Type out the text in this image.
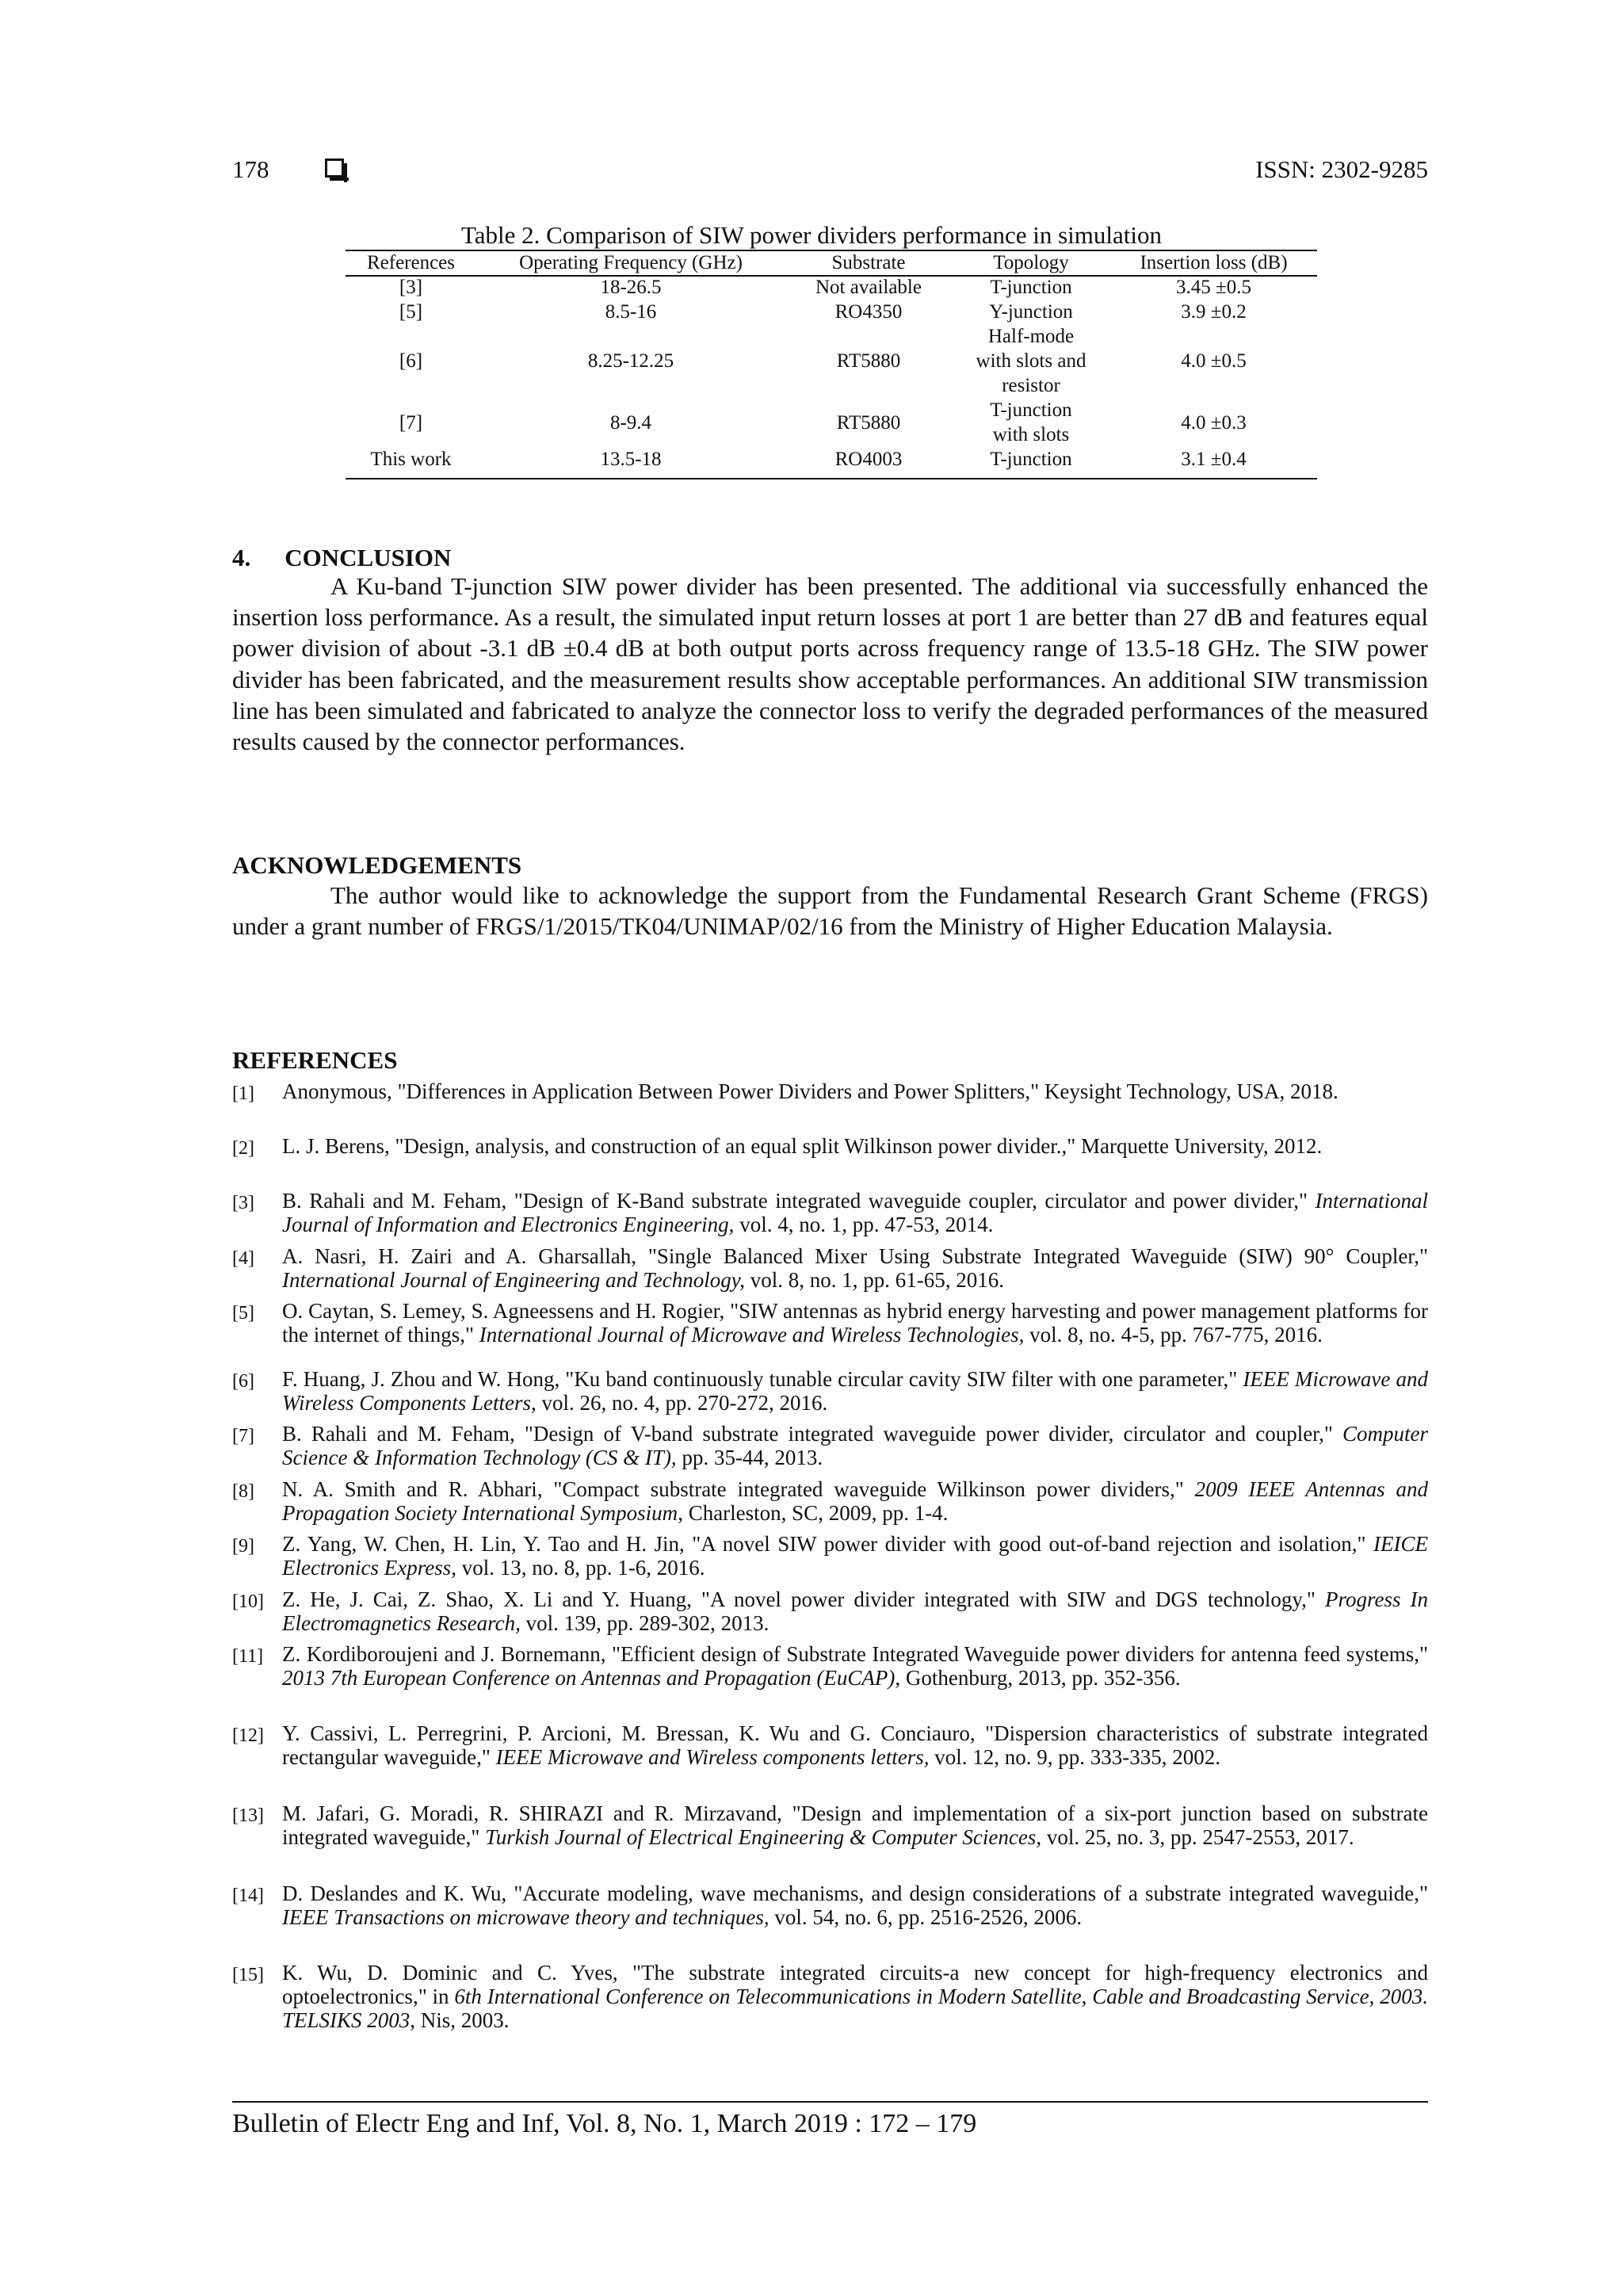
178	ISSN: 2302-9285
Table 2. Comparison of SIW power dividers performance in simulation
References	Operating Frequency (GHz)	Substrate	Topology	Insertion loss (dB)
[3]	18-26.5	Not available	T-junction	3.45 ±0.5
[5]	8.5-16	RO4350	Y-junction	3.9 ±0.2
[6]	8.25-12.25	RT5880	Half-mode
with slots and
resistor	4.0 ±0.5
[7]	8-9.4	RT5880	T-junction
with slots	4.0 ±0.3
This work	13.5-18	RO4003	T-junction	3.1 ±0.4
4. CONCLUSION
A Ku-band T-junction SIW power divider has been presented. The additional via successfully enhanced the insertion loss performance. As a result, the simulated input return losses at port 1 are better than 27 dB and features equal power division of about -3.1 dB ±0.4 dB at both output ports across frequency range of 13.5-18 GHz. The SIW power divider has been fabricated, and the measurement results show acceptable performances. An additional SIW transmission line has been simulated and fabricated to analyze the connector loss to verify the degraded performances of the measured results caused by the connector performances.
ACKNOWLEDGEMENTS
The author would like to acknowledge the support from the Fundamental Research Grant Scheme (FRGS) under a grant number of FRGS/1/2015/TK04/UNIMAP/02/16 from the Ministry of Higher Education Malaysia.
REFERENCES
[1] Anonymous, "Differences in Application Between Power Dividers and Power Splitters," Keysight Technology, USA, 2018.
[2] L. J. Berens, "Design, analysis, and construction of an equal split Wilkinson power divider.," Marquette University, 2012.
[3] B. Rahali and M. Feham, "Design of K-Band substrate integrated waveguide coupler, circulator and power divider," International Journal of Information and Electronics Engineering, vol. 4, no. 1, pp. 47-53, 2014.
[4] A. Nasri, H. Zairi and A. Gharsallah, "Single Balanced Mixer Using Substrate Integrated Waveguide (SIW) 90° Coupler," International Journal of Engineering and Technology, vol. 8, no. 1, pp. 61-65, 2016.
[5] O. Caytan, S. Lemey, S. Agneessens and H. Rogier, "SIW antennas as hybrid energy harvesting and power management platforms for the internet of things," International Journal of Microwave and Wireless Technologies, vol. 8, no. 4-5, pp. 767-775, 2016.
[6] F. Huang, J. Zhou and W. Hong, "Ku band continuously tunable circular cavity SIW filter with one parameter," IEEE Microwave and Wireless Components Letters, vol. 26, no. 4, pp. 270-272, 2016.
[7] B. Rahali and M. Feham, "Design of V-band substrate integrated waveguide power divider, circulator and coupler," Computer Science & Information Technology (CS & IT), pp. 35-44, 2013.
[8] N. A. Smith and R. Abhari, "Compact substrate integrated waveguide Wilkinson power dividers," 2009 IEEE Antennas and Propagation Society International Symposium, Charleston, SC, 2009, pp. 1-4.
[9] Z. Yang, W. Chen, H. Lin, Y. Tao and H. Jin, "A novel SIW power divider with good out-of-band rejection and isolation," IEICE Electronics Express, vol. 13, no. 8, pp. 1-6, 2016.
[10] Z. He, J. Cai, Z. Shao, X. Li and Y. Huang, "A novel power divider integrated with SIW and DGS technology," Progress In Electromagnetics Research, vol. 139, pp. 289-302, 2013.
[11] Z. Kordiboroujeni and J. Bornemann, "Efficient design of Substrate Integrated Waveguide power dividers for antenna feed systems," 2013 7th European Conference on Antennas and Propagation (EuCAP), Gothenburg, 2013, pp. 352-356.
[12] Y. Cassivi, L. Perregrini, P. Arcioni, M. Bressan, K. Wu and G. Conciauro, "Dispersion characteristics of substrate integrated rectangular waveguide," IEEE Microwave and Wireless components letters, vol. 12, no. 9, pp. 333-335, 2002.
[13] M. Jafari, G. Moradi, R. SHIRAZI and R. Mirzavand, "Design and implementation of a six-port junction based on substrate integrated waveguide," Turkish Journal of Electrical Engineering & Computer Sciences, vol. 25, no. 3, pp. 2547-2553, 2017.
[14] D. Deslandes and K. Wu, "Accurate modeling, wave mechanisms, and design considerations of a substrate integrated waveguide," IEEE Transactions on microwave theory and techniques, vol. 54, no. 6, pp. 2516-2526, 2006.
[15] K. Wu, D. Dominic and C. Yves, "The substrate integrated circuits-a new concept for high-frequency electronics and optoelectronics," in 6th International Conference on Telecommunications in Modern Satellite, Cable and Broadcasting Service, 2003. TELSIKS 2003, Nis, 2003.
Bulletin of Electr Eng and Inf, Vol. 8, No. 1, March 2019 : 172 – 179
